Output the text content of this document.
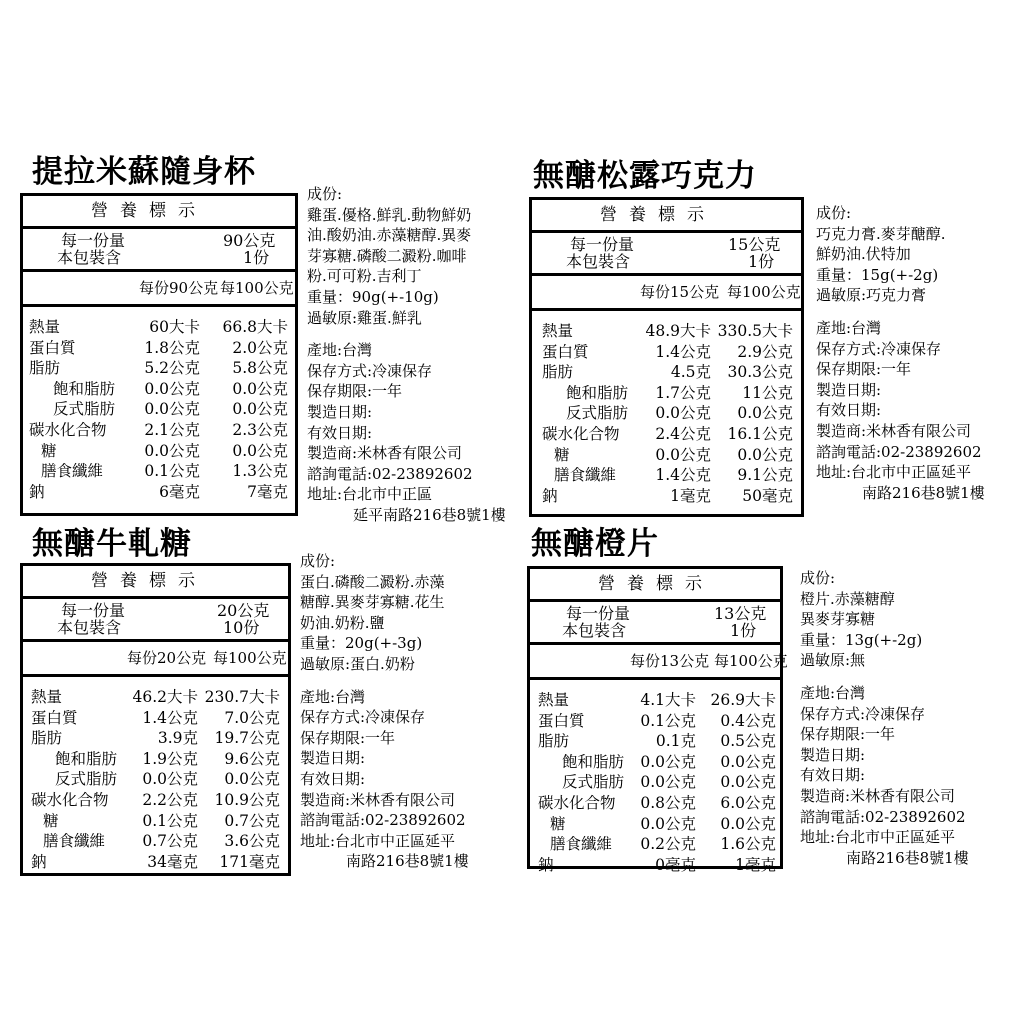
提拉米蘇隨身杯
營養標示
每一份量	90公克
本包裝含	1份
每份90公克 每100公克
熱量	60大卡 66.8大卡
蛋白質	1.8公克 2.0公克
脂肪	5.2公克 5.8公克
飽和脂肪 0.0公克 0.0公克
反式脂肪 0.0公克 0.0公克
碳水化合物 2.1公克 2.3公克
糖	0.0公克 0.0公克
膳食纖維	0.1公克 1.3公克
鈉	6毫克	7毫克
成份:
雞蛋.優格.鮮乳.動物鮮奶
油.酸奶油.赤藻糖醇.異麥
芽寡糖.磷酸二澱粉.咖啡
粉.可可粉.吉利丁
重量：90g(+-10g)
過敏原:雞蛋.鮮乳
產地:台灣
保存方式:冷凍保存
保存期限:一年
製造日期:
有效日期:
製造商:米林香有限公司
諮詢電話:02-23892602
地址:台北市中正區
延平南路216巷8號1樓
無醣松露巧克力
營養標示
每一份量	15公克
本包裝含	1份
每份15公克 每100公克
熱量	48.9大卡 330.5大卡
蛋白質	1.4公克 2.9公克
脂肪	4.5克 30.3公克
飽和脂肪 1.7公克 11公克
反式脂肪 0.0公克 0.0公克
碳水化合物 2.4公克 16.1公克
糖	0.0公克 0.0公克
膳食纖維	1.4公克 9.1公克
鈉	1毫克 50毫克
成份:
巧克力膏.麥芽醣醇.
鮮奶油.伏特加
重量：15g(+-2g)
過敏原:巧克力膏
產地:台灣
保存方式:冷凍保存
保存期限:一年
製造日期:
有效日期:
製造商:米林香有限公司
諮詢電話:02-23892602
地址:台北市中正區延平
南路216巷8號1樓
無醣牛軋糖
營養標示
每一份量	20公克
本包裝含	10份
每份20公克 每100公克
熱量	46.2大卡 230.7大卡
蛋白質	1.4公克 7.0公克
脂肪	3.9克 19.7公克
飽和脂肪 1.9公克 9.6公克
反式脂肪 0.0公克 0.0公克
碳水化合物 2.2公克 10.9公克
糖	0.1公克 0.7公克
膳食纖維 0.7公克 3.6公克
鈉	34毫克 171毫克
成份:
蛋白.磷酸二澱粉.赤藻
糖醇.異麥芽寡糖.花生
奶油.奶粉.鹽
重量：20g(+-3g)
過敏原:蛋白.奶粉
產地:台灣
保存方式:冷凍保存
保存期限:一年
製造日期:
有效日期:
製造商:米林香有限公司
諮詢電話:02-23892602
地址:台北市中正區延平
南路216巷8號1樓
無醣橙片
營養標示
每一份量	13公克
本包裝含	1份
每份13公克 每100公克
熱量	4.1大卡 26.9大卡
蛋白質	0.1公克 0.4公克
脂肪	0.1克 0.5公克
飽和脂肪 0.0公克 0.0公克
反式脂肪 0.0公克 0.0公克
碳水化合物 0.8公克 6.0公克
糖	0.0公克 0.0公克
膳食纖維 0.2公克 1.6公克
鈉	0毫克	1毫克
成份:
橙片.赤藻糖醇
異麥芽寡糖
重量：13g(+-2g)
過敏原:無
產地:台灣
保存方式:冷凍保存
保存期限:一年
製造日期:
有效日期:
製造商:米林香有限公司
諮詢電話:02-23892602
地址:台北市中正區延平
南路216巷8號1樓
